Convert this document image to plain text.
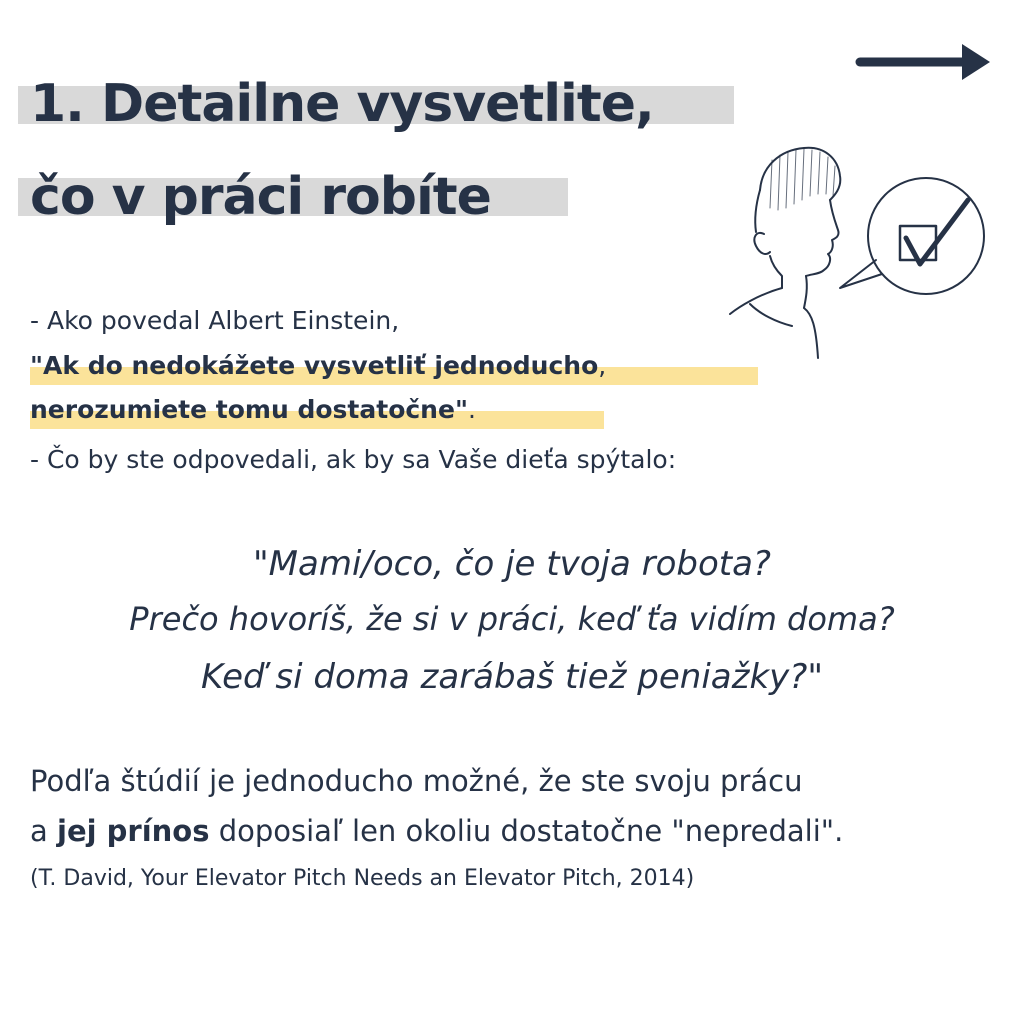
1. Detailne vysvetlite,
čo v práci robíte
- Ako povedal Albert Einstein,
"Ak do nedokážete vysvetliť jednoducho,
nerozumiete tomu dostatočne".
- Čo by ste odpovedali, ak by sa Vaše dieťa spýtalo:
"Mami/oco, čo je tvoja robota?
Prečo hovoríš, že si v práci, keď ťa vidím doma?
Keď si doma zarábaš tiež peniažky?"
Podľa štúdií je jednoducho možné, že ste svoju prácu
a jej prínos doposiaľ len okoliu dostatočne "nepredali".
(T. David, Your Elevator Pitch Needs an Elevator Pitch, 2014)
